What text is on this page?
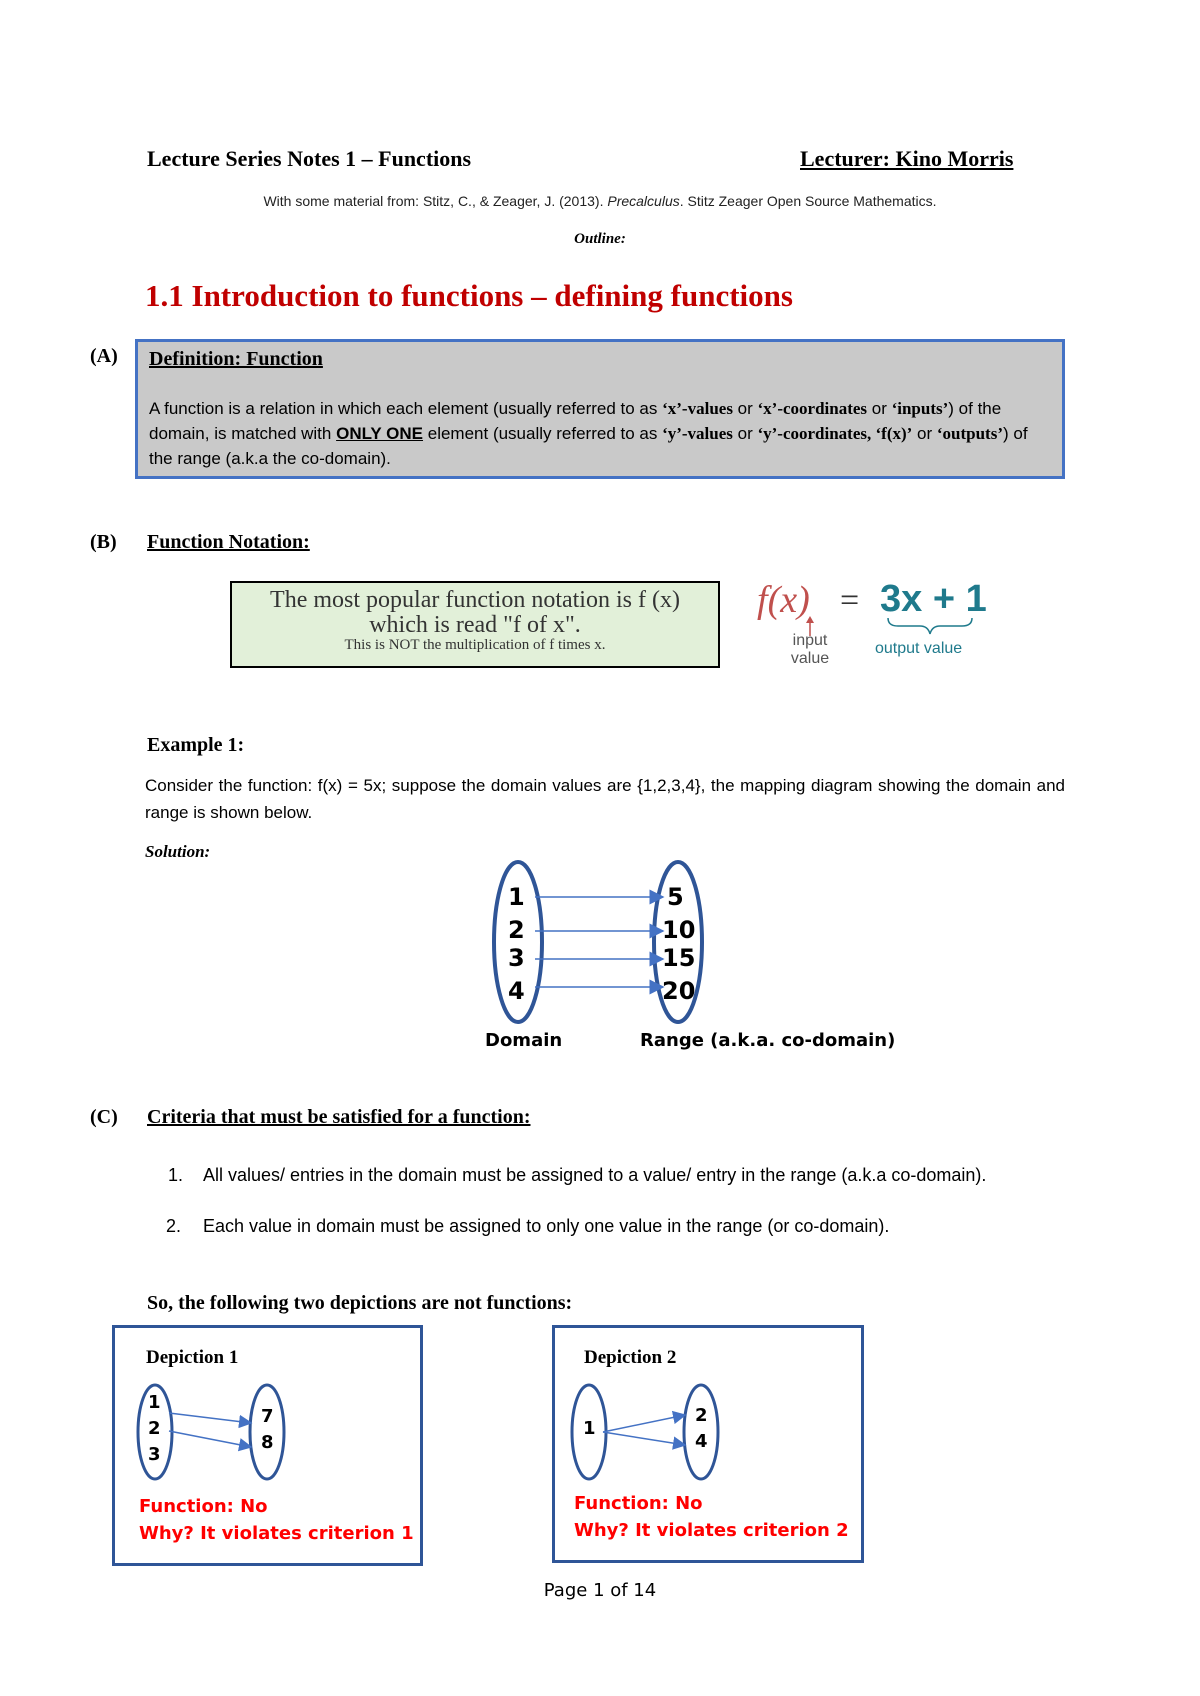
Lecture Series Notes 1 – Functions	Lecturer: Kino Morris
With some material from: Stitz, C., & Zeager, J. (2013). Precalculus. Stitz Zeager Open Source Mathematics.
Outline:
1.1 Introduction to functions – defining functions
(A) Definition: Function
A function is a relation in which each element (usually referred to as ‘x’-values or ‘x’-coordinates or ‘inputs’) of the domain, is matched with ONLY ONE element (usually referred to as ‘y’-values or ‘y’-coordinates, ‘f(x)’ or ‘outputs’) of the range (a.k.a the co-domain).
(B) Function Notation:
The most popular function notation is f (x)
which is read "f of x".
This is NOT the multiplication of f times x.
f(x) = 3x + 1
input
value
output value
Example 1:
Consider the function: f(x) = 5x; suppose the domain values are {1,2,3,4}, the mapping diagram showing the domain and range is shown below.
Solution:
1
2
3
4
5
10
15
20
Domain	Range (a.k.a. co-domain)
(C) Criteria that must be satisfied for a function:
1. All values/ entries in the domain must be assigned to a value/ entry in the range (a.k.a co-domain).
2. Each value in domain must be assigned to only one value in the range (or co-domain).
So, the following two depictions are not functions:
Depiction 1
1
2
3
7
8
Function: No
Why? It violates criterion 1
Depiction 2
1
2
4
Function: No
Why? It violates criterion 2
Page 1 of 14
